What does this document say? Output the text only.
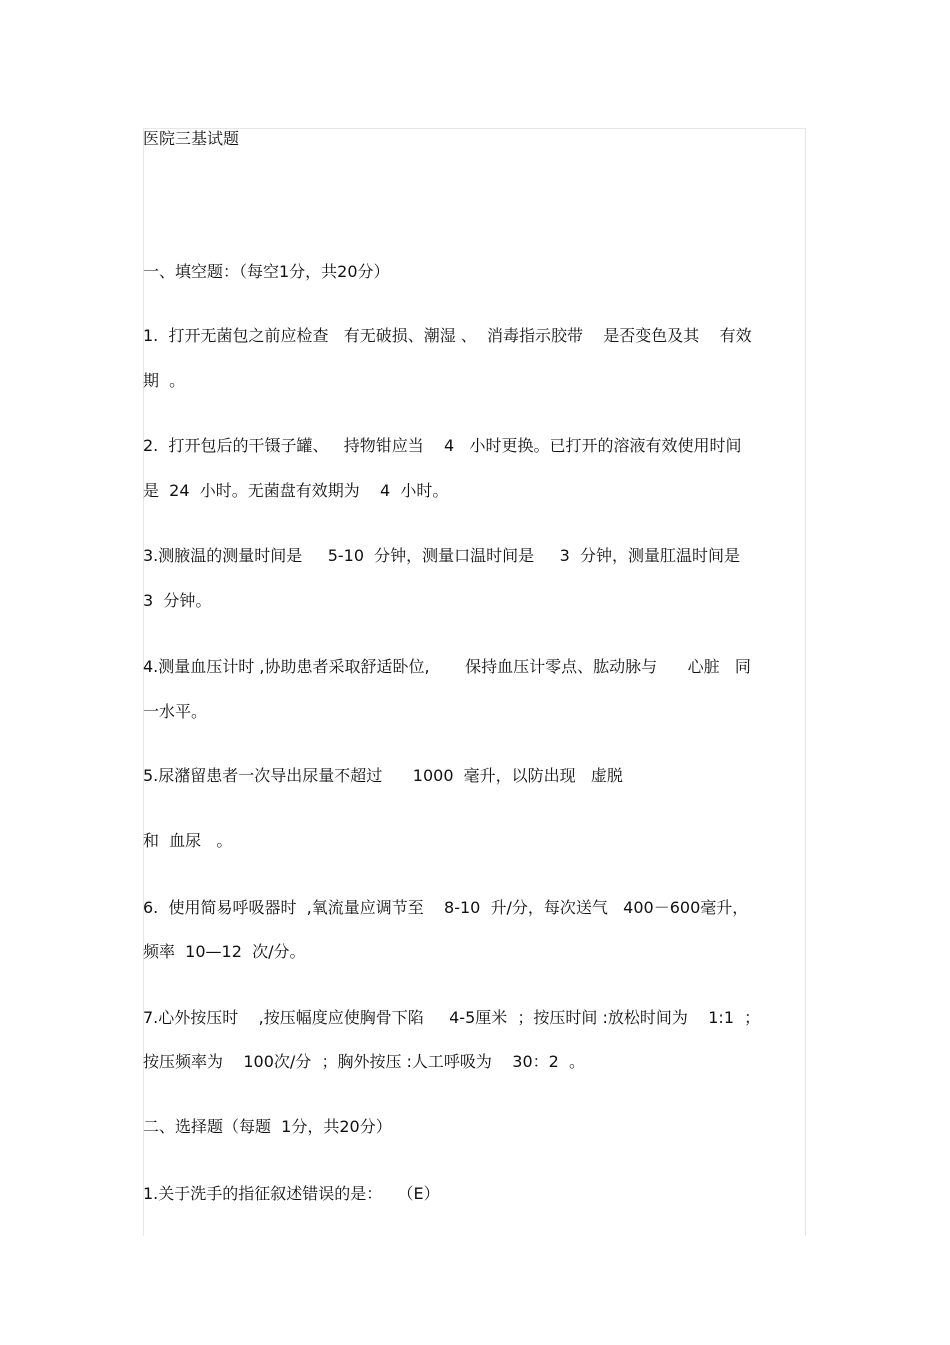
医院三基试题
一、填空题：（每空1分，共20分）
1.  打开无菌包之前应检查   有无破损、潮湿 、  消毒指示胶带    是否变色及其    有效
期  。
2.  打开包后的干镊子罐、   持物钳应当    4   小时更换。已打开的溶液有效使用时间
是  24  小时。无菌盘有效期为    4  小时。
3.测腋温的测量时间是     5-10  分钟，测量口温时间是     3  分钟，测量肛温时间是
3  分钟。
4.测量血压计时 ,协助患者采取舒适卧位,       保持血压计零点、肱动脉与      心脏   同
一水平。
5.尿潴留患者一次导出尿量不超过      1000  毫升，以防出现   虚脱
和  血尿   。
6.  使用简易呼吸器时  ,氧流量应调节至    8-10  升/分，每次送气   400－600毫升，
频率  10—12  次/分。
7.心外按压时    ,按压幅度应使胸骨下陷     4-5厘米  ；按压时间 :放松时间为    1:1  ；
按压频率为    100次/分  ；胸外按压 :人工呼吸为    30：2  。
二、选择题（每题  1分，共20分）
1.关于洗手的指征叙述错误的是：   （E）
